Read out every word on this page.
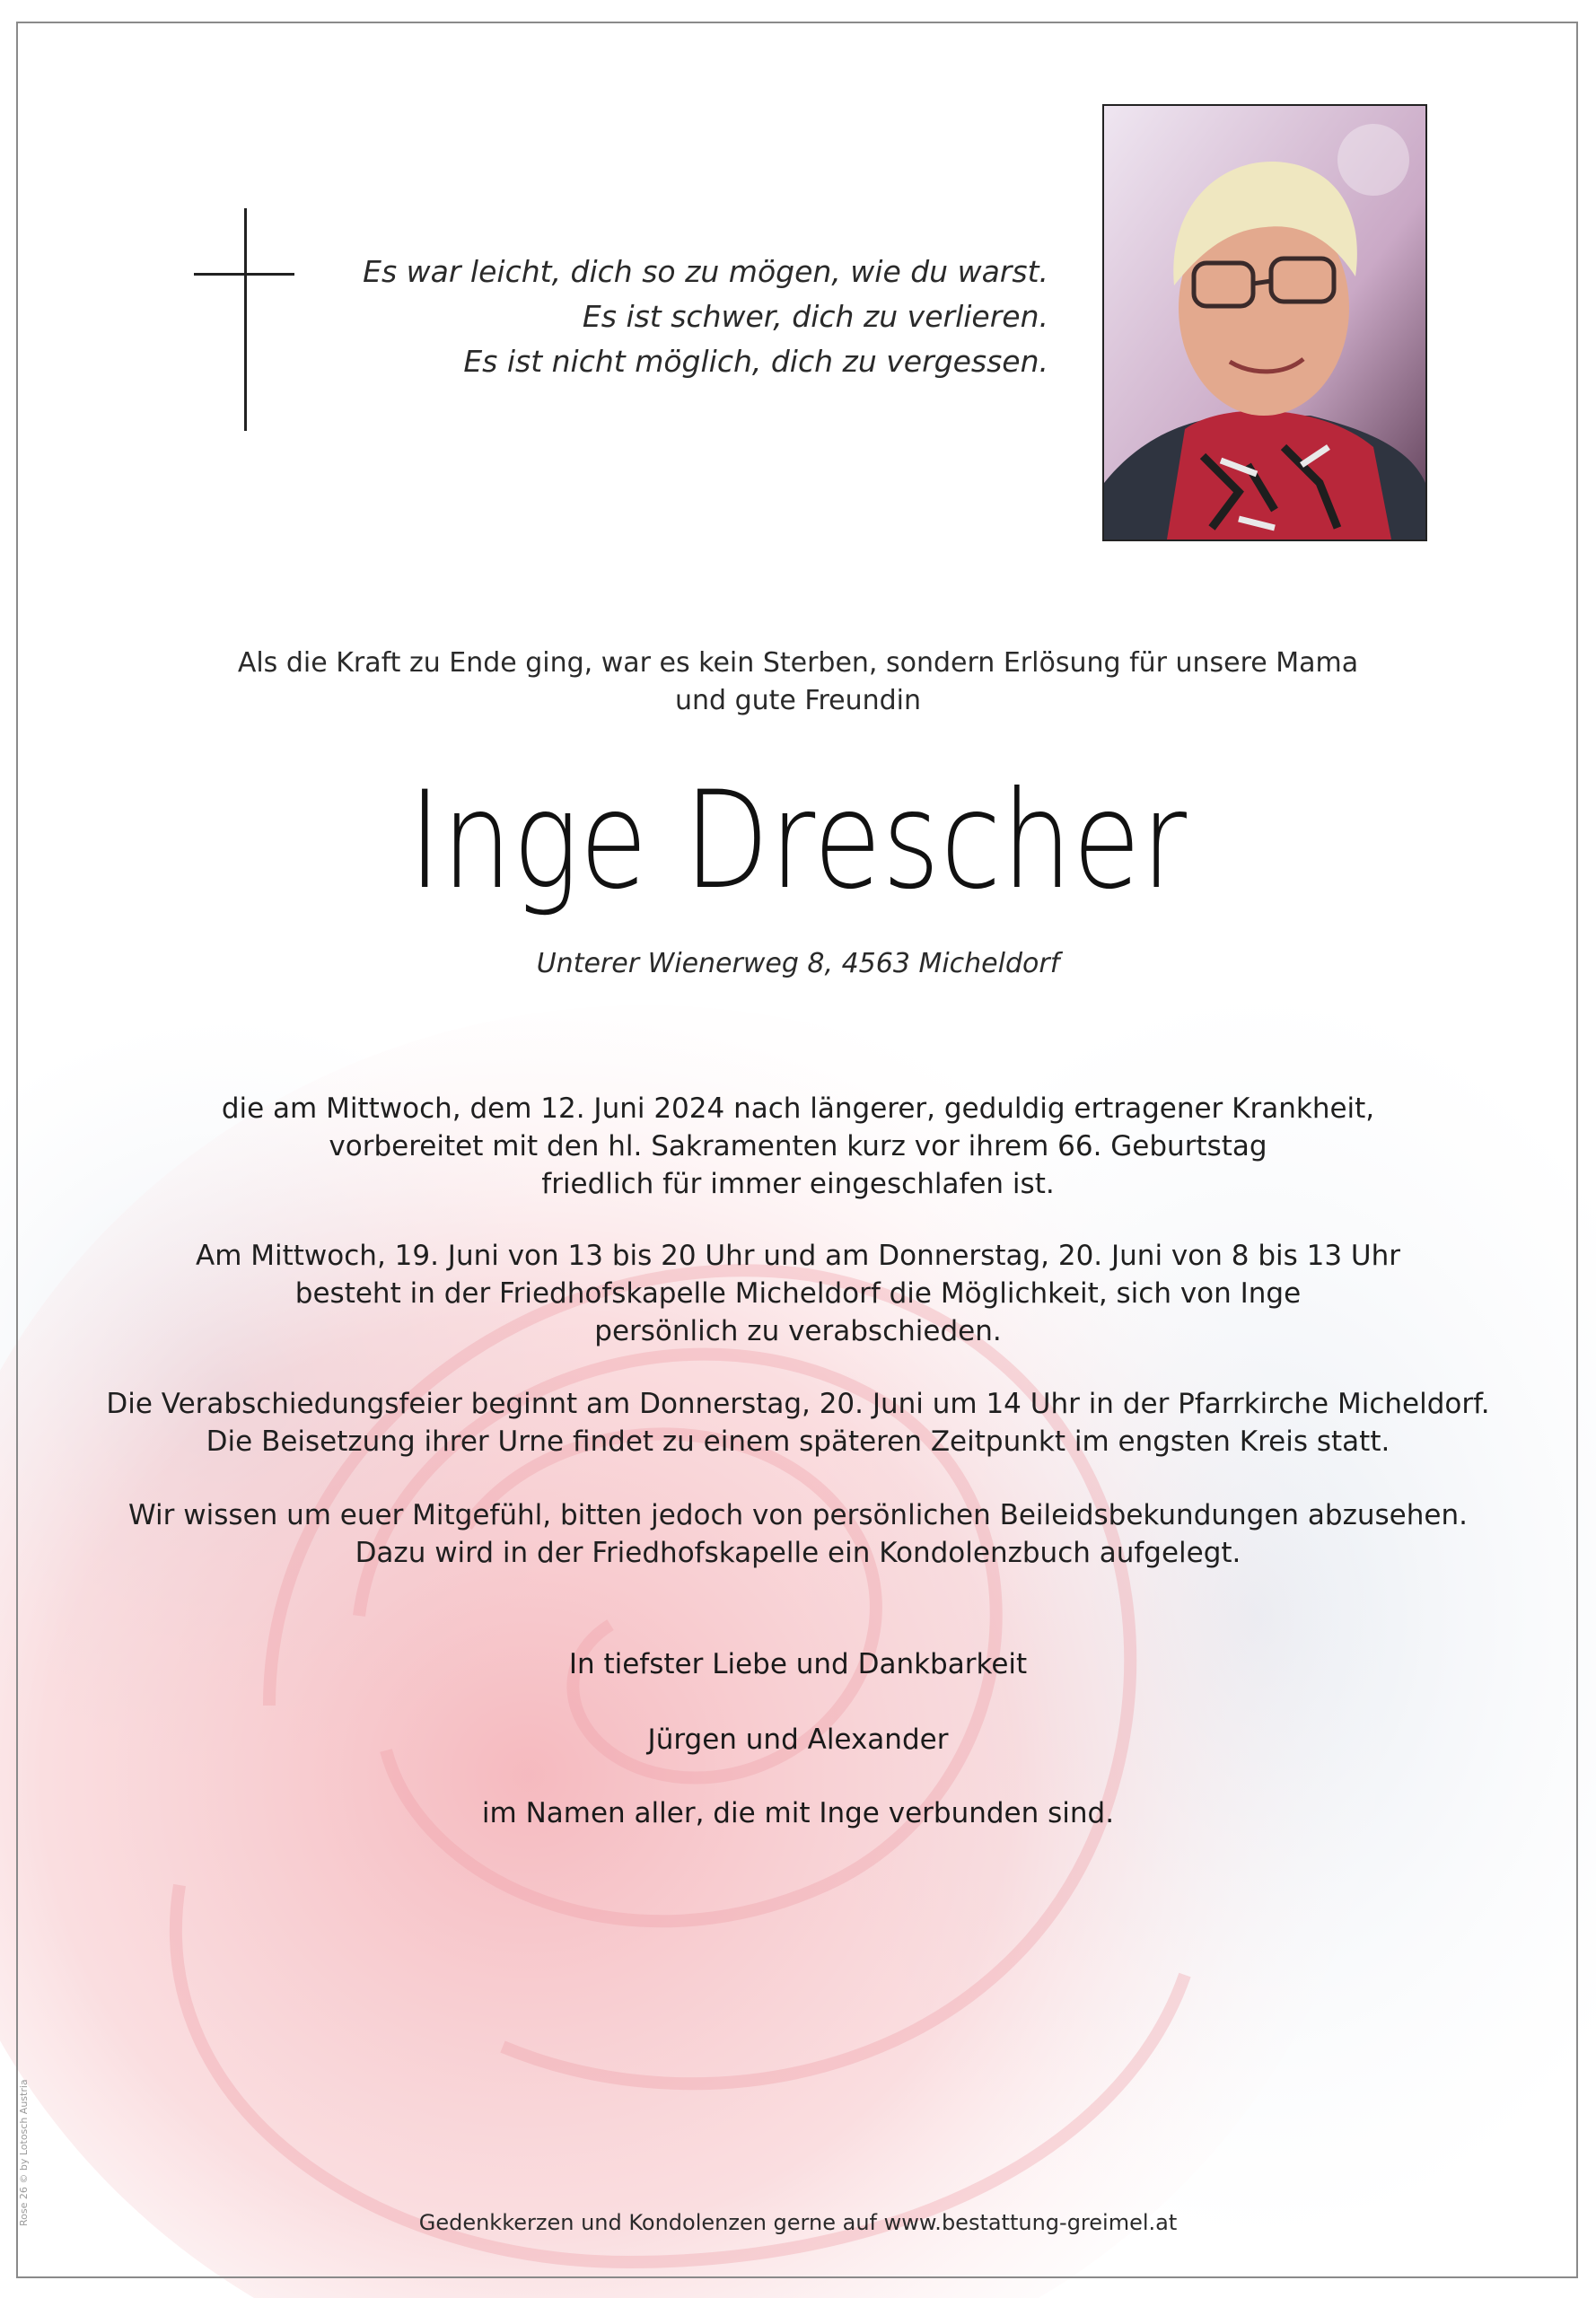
Es war leicht, dich so zu mögen, wie du warst.
Es ist schwer, dich zu verlieren.
Es ist nicht möglich, dich zu vergessen.
Als die Kraft zu Ende ging, war es kein Sterben, sondern Erlösung für unsere Mama
und gute Freundin
Inge Drescher
Unterer Wienerweg 8, 4563 Micheldorf
die am Mittwoch, dem 12. Juni 2024 nach längerer, geduldig ertragener Krankheit,
vorbereitet mit den hl. Sakramenten kurz vor ihrem 66. Geburtstag
friedlich für immer eingeschlafen ist.
Am Mittwoch, 19. Juni von 13 bis 20 Uhr und am Donnerstag, 20. Juni von 8 bis 13 Uhr
besteht in der Friedhofskapelle Micheldorf die Möglichkeit, sich von Inge
persönlich zu verabschieden.
Die Verabschiedungsfeier beginnt am Donnerstag, 20. Juni um 14 Uhr in der Pfarrkirche Micheldorf.
Die Beisetzung ihrer Urne findet zu einem späteren Zeitpunkt im engsten Kreis statt.
Wir wissen um euer Mitgefühl, bitten jedoch von persönlichen Beileidsbekundungen abzusehen.
Dazu wird in der Friedhofskapelle ein Kondolenzbuch aufgelegt.
In tiefster Liebe und Dankbarkeit
Jürgen und Alexander
im Namen aller, die mit Inge verbunden sind.
Gedenkkerzen und Kondolenzen gerne auf www.bestattung-greimel.at
Rose 26 © by Lotosch Austria
